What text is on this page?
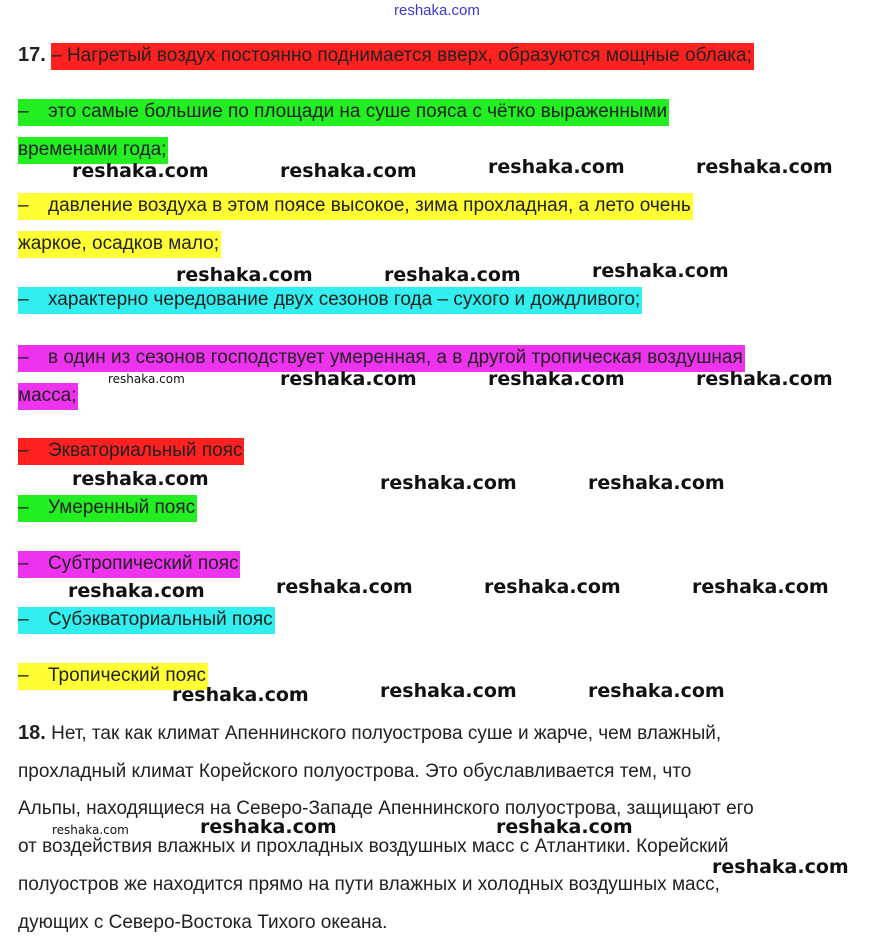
reshaka.com
17. – Нагретый воздух постоянно поднимается вверх, образуются мощные облака;
– это самые большие по площади на суше пояса с чётко выраженными
временами года;
– давление воздуха в этом поясе высокое, зима прохладная, а лето очень
жаркое, осадков мало;
– характерно чередование двух сезонов года – сухого и дождливого;
– в один из сезонов господствует умеренная, а в другой тропическая воздушная
масса;
– Экваториальный пояс
– Умеренный пояс
– Субтропический пояс
– Субэкваториальный пояс
– Тропический пояс
18. Нет, так как климат Апеннинского полуострова суше и жарче, чем влажный,
прохладный климат Корейского полуострова. Это обуславливается тем, что
Альпы, находящиеся на Северо-Западе Апеннинского полуострова, защищают его
от воздействия влажных и прохладных воздушных масс с Атлантики. Корейский
полуостров же находится прямо на пути влажных и холодных воздушных масс,
дующих с Северо-Востока Тихого океана.
reshaka.com	reshaka.com	reshaka.com	reshaka.com
reshaka.com	reshaka.com	reshaka.com
reshaka.com	reshaka.com	reshaka.com	reshaka.com
reshaka.com	reshaka.com	reshaka.com
reshaka.com	reshaka.com	reshaka.com	reshaka.com
reshaka.com	reshaka.com	reshaka.com
reshaka.com	reshaka.com	reshaka.com
reshaka.com
